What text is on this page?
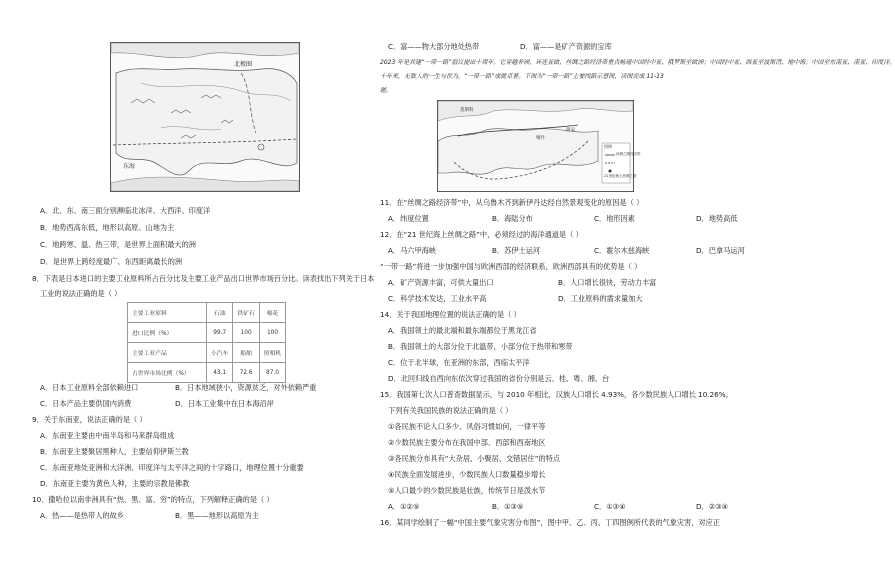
北极圈
东海
A．北、东、南三面分别濒临北冰洋、大西洋、印度洋
B．地势西高东低，地形以高原、山地为主
C．地跨寒、温、热三带，是世界上面积最大的洲
D．是世界上跨经度最广、东西距离最长的洲
8．下表是日本进口的主要工业原料所占百分比及主要工业产品出口世界市场百分比。读表找出下列关于日本
工业的说法正确的是（ ）
主要工业原料	石油	铁矿石	棉花
进口比例（%）	99.7	100	100
主要工业产品	小汽车	船舶	照相机
占世界市场比例（%）	43.1	72.6	87.0
A．日本工业原料全部依赖进口	B．日本地域狭小，资源贫乏，对外依赖严重
C．日本产品主要供国内消费	D．日本工业集中在日本海沿岸
9．关于东南亚，说法正确的是（ ）
A．东南亚主要由中南半岛和马来群岛组成
B．东南亚主要聚居黑种人，主要信仰伊斯兰教
C．东南亚地处亚洲和大洋洲、印度洋与太平洋之间的十字路口，地理位置十分重要
D．东南亚主要为黄色人种，主要的宗教是佛教
10．撒哈拉以南非洲具有“热、黑、富、穷”的特点，下列解释正确的是（ ）
A．热——是热带人的故乡	B．黑——地形以高原为主
C．富——物大部分地处热带	D．富——是矿产资源的宝库
2023 年是共建“一带一路”倡议提出十周年。它穿越非洲，环连亚欧，丝绸之路经济带重点畅通中国经中亚、俄罗斯至欧洲；中国经中亚、西亚至波斯湾、地中海；中国至东南亚、南亚、印度洋。
十年来，无数人的一生与世为，“一带一路”成就卓著。下图为“一带一路”主要线路示意图，读图完成 11-13
题。
莫斯科
喀什
西安
丝绸之路经济带
21世纪海上丝绸之路
图例
11．在“丝绸之路经济带”中，从乌鲁木齐到新伊丹达经自然景观变化的原因是（ ）
A．纬度位置	B．海陆分布	C．地形因素	D．地势高低
12．在“21 世纪海上丝绸之路”中，必须经过的海洋通道是（ ）
A．马六甲海峡	B．苏伊士运河	C．霍尔木兹海峡	D．巴拿马运河
“一带一路”将进一步加强中国与欧洲西部的经济联系，欧洲西部具有的优势是（ ）
A．矿产资源丰富，可供大量出口	B．人口增长很快，劳动力丰富
C．科学技术发达，工业水平高	D．工业原料的需求量加大
14．关于我国地理位置的说法正确的是（ ）
A．我国领土的最北端和最东端都位于黑龙江省
B．我国领土的大部分位于北温带，小部分位于热带和寒带
C．位于北半球，在亚洲的东部，西临太平洋
D．北回归线自西向东依次穿过我国的省份分别是云、桂、粤、湘、台
15．我国第七次人口普查数据显示，与 2010 年相比，汉族人口增长 4.93%，各少数民族人口增长 10.26%。
下列有关我国民族的说法正确的是（ ）
①各民族不论人口多少、风俗习惯如何，一律平等
②少数民族主要分布在我国中部、西部和西南地区
③各民族分布具有“大杂居、小聚居、交错居住”的特点
④民族全面发展进步，少数民族人口数量稳步增长
⑤人口最少的少数民族是壮族，传统节日是泼水节
A．①②⑤	B．①③⑤	C．①③④	D．②③④
16．某同学绘制了一幅“中国主要气象灾害分布图”，图中甲、乙、丙、丁四图例所代表的气象灾害，对应正
